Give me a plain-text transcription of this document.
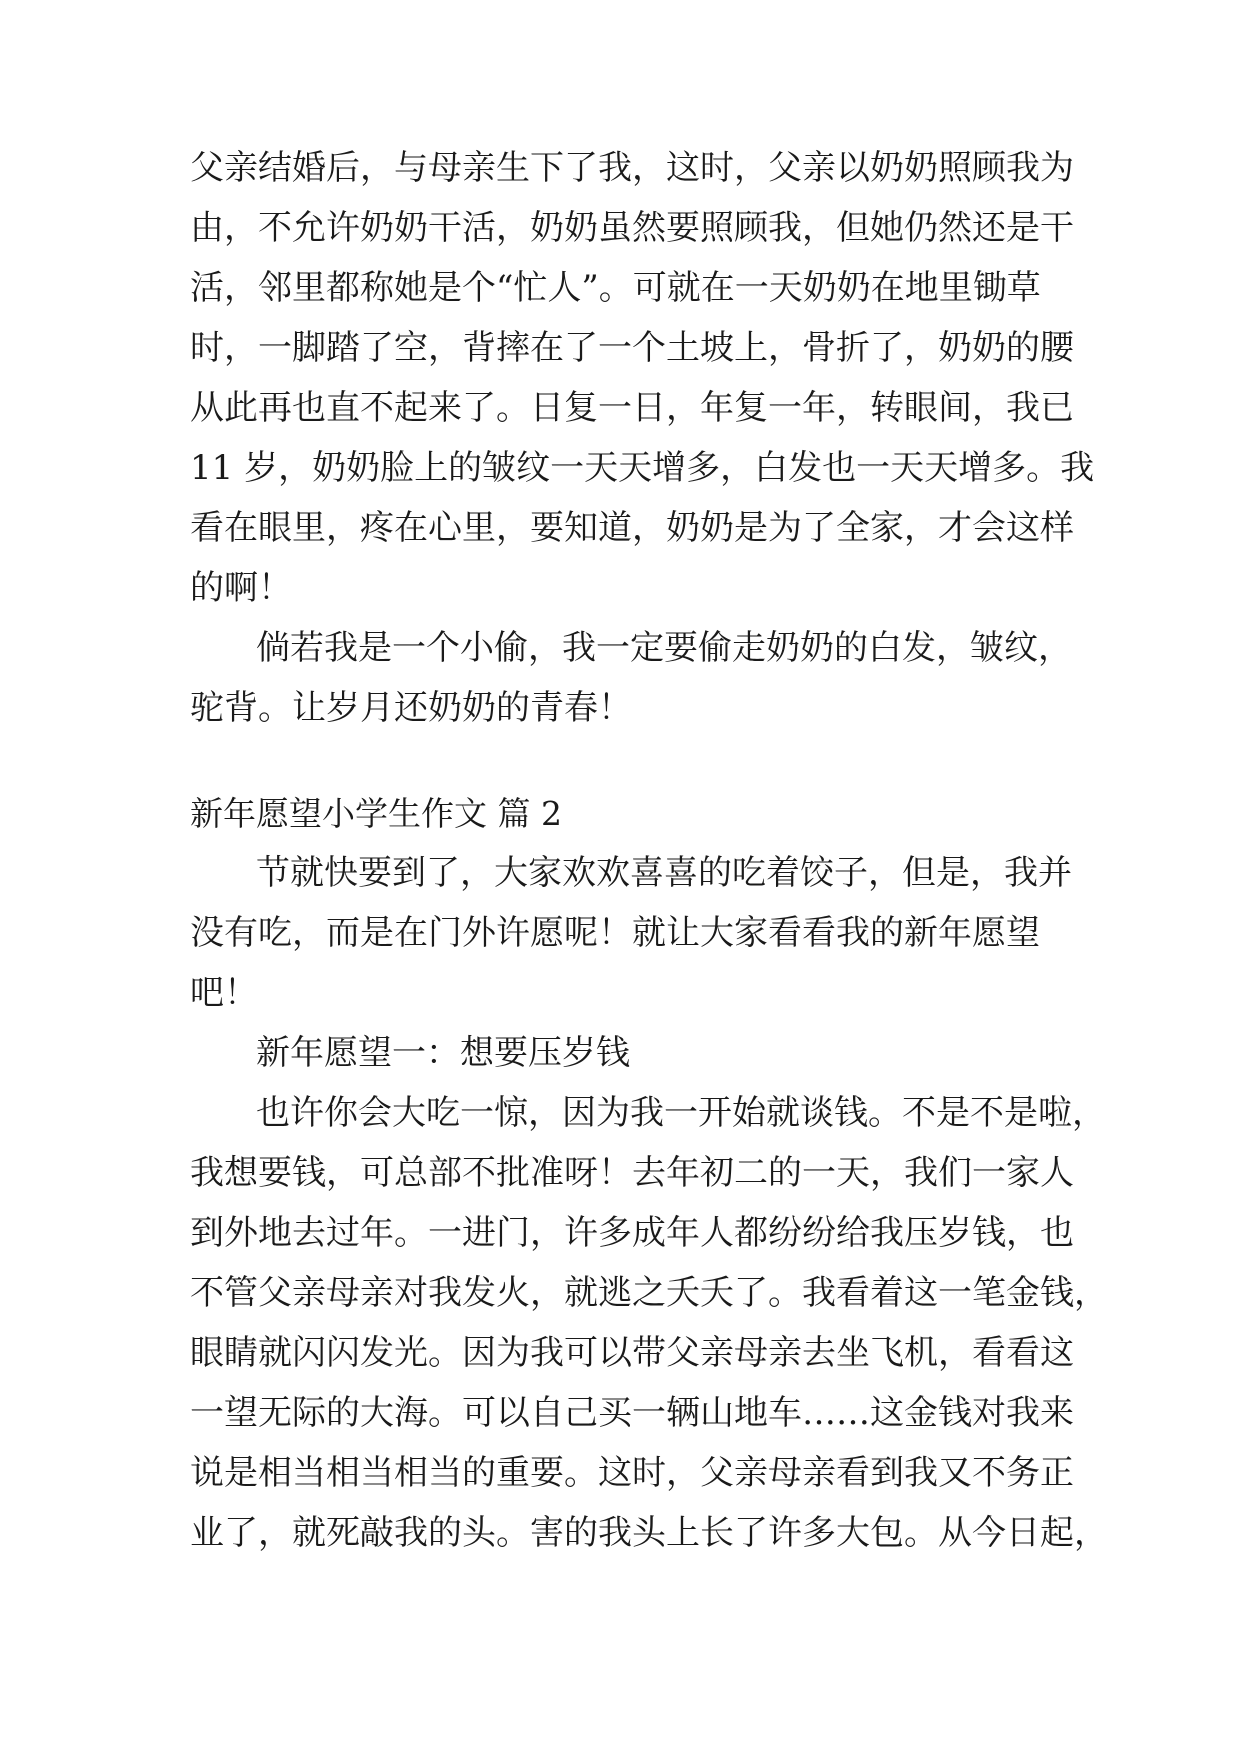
父亲结婚后，与母亲生下了我，这时，父亲以奶奶照顾我为

由，不允许奶奶干活，奶奶虽然要照顾我，但她仍然还是干

活，邻里都称她是个“忙人”。可就在一天奶奶在地里锄草

时，一脚踏了空，背摔在了一个土坡上，骨折了，奶奶的腰

从此再也直不起来了。日复一日，年复一年，转眼间，我已

11 岁，奶奶脸上的皱纹一天天增多，白发也一天天增多。我

看在眼里，疼在心里，要知道，奶奶是为了全家，才会这样

的啊！

倘若我是一个小偷，我一定要偷走奶奶的白发，皱纹，

驼背。让岁月还奶奶的青春！

新年愿望小学生作文 篇 2

节就快要到了，大家欢欢喜喜的吃着饺子，但是，我并

没有吃，而是在门外许愿呢！就让大家看看我的新年愿望

吧！

新年愿望一：想要压岁钱

也许你会大吃一惊，因为我一开始就谈钱。不是不是啦，

我想要钱，可总部不批准呀！去年初二的一天，我们一家人

到外地去过年。一进门，许多成年人都纷纷给我压岁钱，也

不管父亲母亲对我发火，就逃之夭夭了。我看着这一笔金钱，

眼睛就闪闪发光。因为我可以带父亲母亲去坐飞机，看看这

一望无际的大海。可以自己买一辆山地车……这金钱对我来

说是相当相当相当的重要。这时，父亲母亲看到我又不务正

业了，就死敲我的头。害的我头上长了许多大包。从今日起，
